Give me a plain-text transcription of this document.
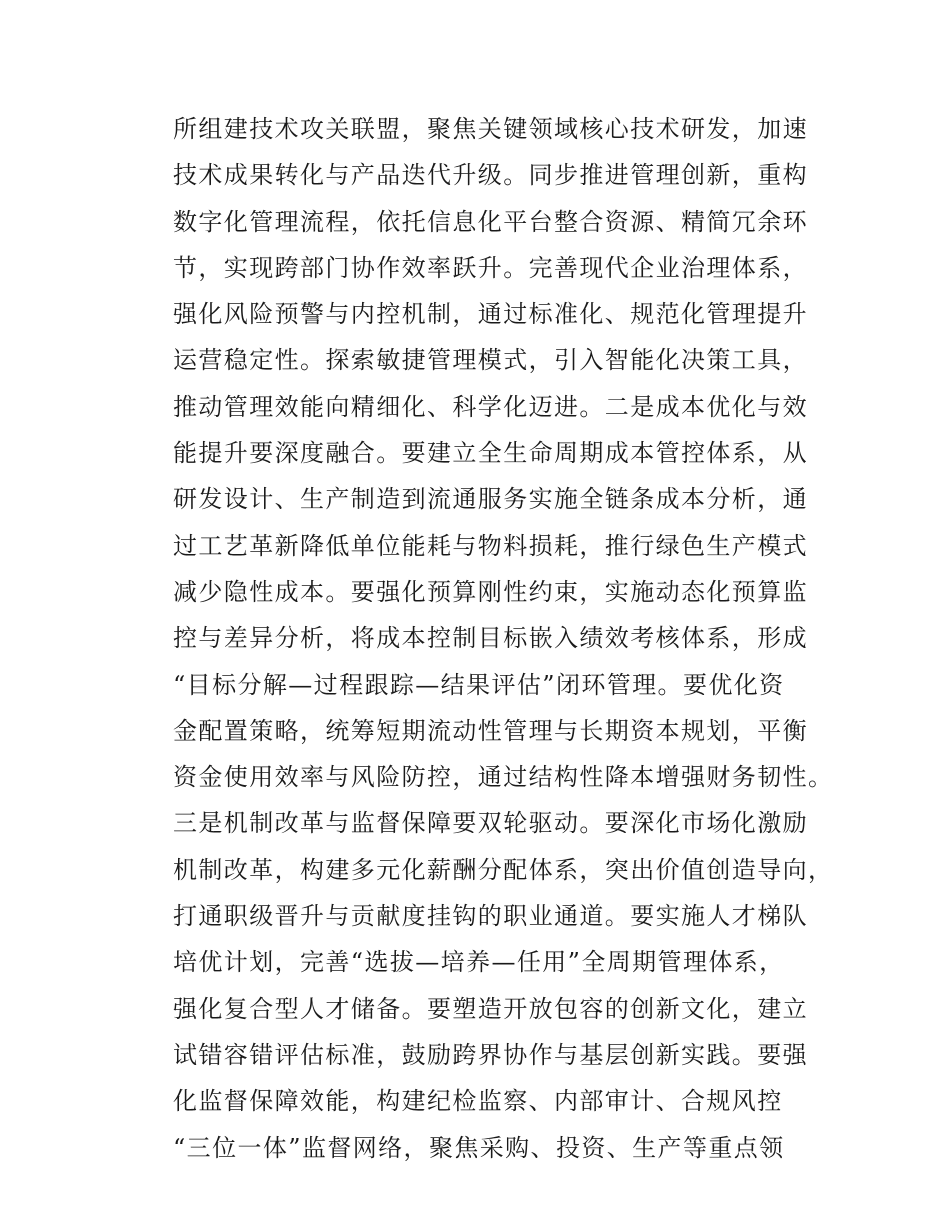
所组建技术攻关联盟，聚焦关键领域核心技术研发，加速
技术成果转化与产品迭代升级。同步推进管理创新，重构
数字化管理流程，依托信息化平台整合资源、精简冗余环
节，实现跨部门协作效率跃升。完善现代企业治理体系，
强化风险预警与内控机制，通过标准化、规范化管理提升
运营稳定性。探索敏捷管理模式，引入智能化决策工具，
推动管理效能向精细化、科学化迈进。二是成本优化与效
能提升要深度融合。要建立全生命周期成本管控体系，从
研发设计、生产制造到流通服务实施全链条成本分析，通
过工艺革新降低单位能耗与物料损耗，推行绿色生产模式
减少隐性成本。要强化预算刚性约束，实施动态化预算监
控与差异分析，将成本控制目标嵌入绩效考核体系，形成
“目标分解—过程跟踪—结果评估”闭环管理。要优化资
金配置策略，统筹短期流动性管理与长期资本规划，平衡
资金使用效率与风险防控，通过结构性降本增强财务韧性。
三是机制改革与监督保障要双轮驱动。要深化市场化激励
机制改革，构建多元化薪酬分配体系，突出价值创造导向，
打通职级晋升与贡献度挂钩的职业通道。要实施人才梯队
培优计划，完善“选拔—培养—任用”全周期管理体系，
强化复合型人才储备。要塑造开放包容的创新文化，建立
试错容错评估标准，鼓励跨界协作与基层创新实践。要强
化监督保障效能，构建纪检监察、内部审计、合规风控
“三位一体”监督网络，聚焦采购、投资、生产等重点领
